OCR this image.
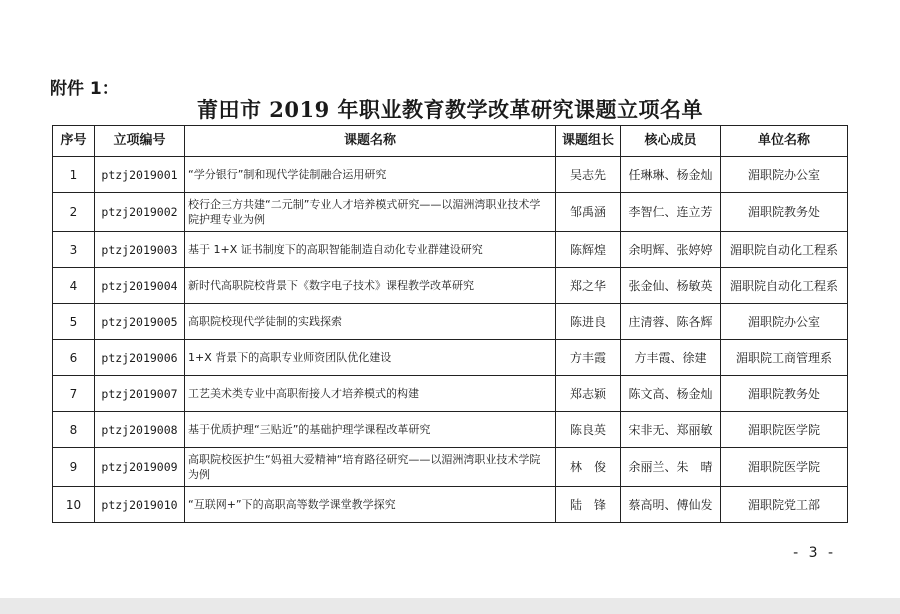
附件 1：
莆田市 2019 年职业教育教学改革研究课题立项名单
序号	立项编号	课题名称	课题组长	核心成员	单位名称
1	ptzj2019001	“学分银行”制和现代学徒制融合运用研究	吴志先	任琳琳、杨金灿	湄职院办公室
2	ptzj2019002	校行企三方共建“二元制”专业人才培养模式研究——以湄洲湾职业技术学院护理专业为例	邹禹涵	李智仁、连立芳	湄职院教务处
3	ptzj2019003	基于 1+X 证书制度下的高职智能制造自动化专业群建设研究	陈辉煌	余明辉、张婷婷	湄职院自动化工程系
4	ptzj2019004	新时代高职院校背景下《数字电子技术》课程教学改革研究	郑之华	张金仙、杨敏英	湄职院自动化工程系
5	ptzj2019005	高职院校现代学徒制的实践探索	陈进良	庄清蓉、陈各辉	湄职院办公室
6	ptzj2019006	1+X 背景下的高职专业师资团队优化建设	方丰霞	方丰霞、徐建	湄职院工商管理系
7	ptzj2019007	工艺美术类专业中高职衔接人才培养模式的构建	郑志颖	陈文高、杨金灿	湄职院教务处
8	ptzj2019008	基于优质护理“三贴近”的基础护理学课程改革研究	陈良英	宋非无、郑丽敏	湄职院医学院
9	ptzj2019009	高职院校医护生“妈祖大爱精神“培育路径研究——以湄洲湾职业技术学院为例	林　俊	余丽兰、朱　晴	湄职院医学院
10	ptzj2019010	“互联网+”下的高职高等数学课堂教学探究	陆　锋	蔡高明、傅仙发	湄职院党工部
- 3 -
